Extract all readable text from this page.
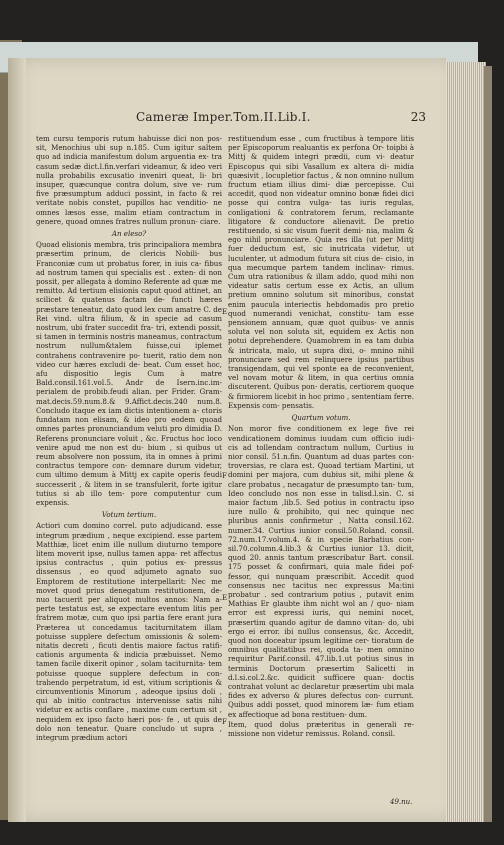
Cameræ Imper.Tom.II.Lib.I.	23

tem cursu temporis rutum habuisse dici non pos- sit, Menochius ubi sup n.185. Cum igitur saltem quo ad indicia manifestum dolum arguentia ex- tra casum sedæ dict.l.fin.verfari videamur, & ideo veri nulla probabilis excusatio inveniri queat, li- bri insuper, quæcunque contra dolum, sive ve- rum five præsumptum adduci possint, in facto & rei veritate nobis constet, pupillos hac venditio- ne omnes læsos esse, malim etiam contractum in genere, quoad omnes fratres nullum pronun- ciare.

An eleso?

Quoad elisionis membra, tris principaliora membra præsertim prinum, de clericis Nobili- bus Franconiæ cum ut probatus forer, in iuis ca- fibus ad nostrum tamen qui specialis est . exten- di non possit, per allegata à domino Referente ad quæ me remitto. Ad tertium elisionis caput quod attinet, an scilicet & quatenus factam de- functi hæres præstare teneatur, dato quod lex cum amatre C. de Rei vind. ultra filium, & in specie ad casum nostrum, ubi frater succedit fra- tri, extendi possit, si tamen in terminis nostris maneamus, contractum nostrum nullum&talem fuisse,cui iplemet contrahens contravenire po- tuerit, ratio dem non video cur hæres excludi de- beat. Cum esset hoc, afu dispositio legis Cum à matre Bald.consil.161.vol.5. Andr de Isern.inc.im- perialem de probib.feudi alian. per Frider. Gram- mat.decis.59.num.8.& 9.Affict.decis.240 num.8. Concludo itaque ex iam dictis intentionem a- ctoris fundatam non elisam, & ideo pro eodem quoad omnes partes pronunciandum veluti pro dimidia D. Referens pronunciare voluit , &c. Fructus hoc loco venire apud me non est du- bium , si quibus ut reum absolvere non possum, ita in omnes à primi contractus tempore con- demnare durum videtur, cum ultimo demum à Mittj ex capite operis feudi successerit , & litem in se transfulerit, forte igitur tutius si ab illo tem- pore computentur cum expensis.

Votum tertium.

Actiori cum domino correl. puto adjudicand. esse integrum prædium , neque excipiend. esse partem Matthiæ, licet enim ille nullum diuturno tempore litem moverit ipse, nullus tamen appa- ret affectus ipsius contractus , quin potius ex- pressus dissensus , eo quod adjumeto agnato suo Emptorem de restitutione interpellarit: Nec me movet quod prius denegatum restitutionem, de- nuo tacuerit per aliquot multos annos: Nam a- perte testatus est, se expectare eventum litis per fratrem motæ, cum quo ipsi partia fere erant jura Præterea ut concedamus taciturnitatem illam potuisse supplere defectum omissionis & solem- nitatis decreti , ficuti dentis maiore factus ratifi- cationis argumenta & indicia præbuisset. Nemo tamen facile dixerit opinor , solam taciturnita- tem potuisse quoque supplere defectum in con- trahendo perpetratum, id est, vitium scriptionis & circumventionis Minorum , adeoque ipsius doli , qui ab initio contractus intervenisse satis nihi videtur ex actis conflare , maxime cum certum sit , nequidem ex ipso facto hæri pos- fe , ut quis de dolo non teneatur. Quare concludo ut supra , integrum prædium actori

restituendum esse , cum fructibus à tempore litis per Episcoporum realuantis ex perfona Or- toipbi à Mittj & quidem integri prædii, cum vi- deatur Episcopus qui sibi Vasallum ex altera di- midia quæsivit , locupletior factus , & non omnino nullum fructum etiam illius dimi- diæ percepisse. Cui accedit, quod non videatur omnino bonæ fidei dici posse qui contra vulga- tas iuris regulas, conligationi & contratorem ferum, reclamante litigatore & conductore alienavit. De pretio restituendo, si sic visum fuerit demi- nia, malim & ego nihil pronunciare. Quia res illa (ut per Mittj fuer deductum est, sic inutricata videtur, ut luculenter, ut admodum futura sit cius de- cisio, in qua mecumque partem tandem inclinav- rimus. Cum utra rationibus & illam addo, quod mihi non videatur satis certum esse ex Actis, an ullum pretium omnino solutum sit minoribus, constat enim paucula interiectis hebdomadis pro pretio quod numerandi venichat, constitu- tam esse pensionem annuam, quæ quot quibus- ve annis soluta vel non soluta sit, equidem ex Actis non potui deprehendere. Quamobrem in ea tam dubia & intricata, malo, ut supra dixi, o- mnino nihil pronunciare sed rem relinquere ipsius partibus transigendam, qui vel sponte ea de reconvenient, vel novam motur & litem, in qua certius omnia discuterent. Quibus pon- deratis, certiorem quoque & firmiorem licebit in hoc primo , sententiam ferre. Expensis com- pensatis.

Quartum votum.

Non moror five conditionem ex lege five rei vendicationem dominus iuudam cum officio iudi- cis ad tollendam contractum nullum, Curtius iu nior consil. 51.n.fin. Quantum ad duas partes con- troversias, re clara est. Quoad tertiam Martini, ut domini per majora, cum dubius sit, mihi plene & clare probatus , necagatur de præsumpto tan- tum, Ideo concludo nos non esse in talisd.l.sin. C. si maior factum ,lib.5. Sed potius in contractu ipso iure nullo & prohibito, qui nec quinque nec pluribus annis confirmetur , Natta consil.162. numer.34. Curtius iunior consil.50.Roland. consil. 72.num.17.volum.4. & in specie Barbatius con- sil.70.column.4.lib.3 & Curtius iunior 13. dicit, quod 20. annis tantum præscribatur Bart. consil. 175 posset & confirmari, quia male fidei pof- fessor, qui nunquam præscribit. Accedit quod consensus nec tacitus nec expressus Ma:tini probatur . sed contrarium potius , putavit enim Mathias Er glaubte ihm nicht wol an / quo- niam error est expressi iuris, qui nemini nocet, præsertim quando agitur de damno vitan- do, ubi ergo ei error. ibi nullus consensus, &c. Accedit, quod non doceatur ipsum legitime cer- tioratum de omnibus qualitatibus rei, quoda ta- men omnino requiritur Parif.consil. 47.lib.1.ut potius sinus in terminis Doctorum præsertim Salicetti in d.l.si.col.2.&c. quidicit sufficere quan- doctis contrahat volunt ac declaretur præsertim ubi mala fides ex adverso & plures defectus con- currunt. Quibus addi posset, quod minorem læ- fum etiam ex affectioque ad bona restituen- dum.

Item, quod dolus præteritus in generali re- missione non videtur remissus. Roland. consil.

E
F
E
F
49.nu.
